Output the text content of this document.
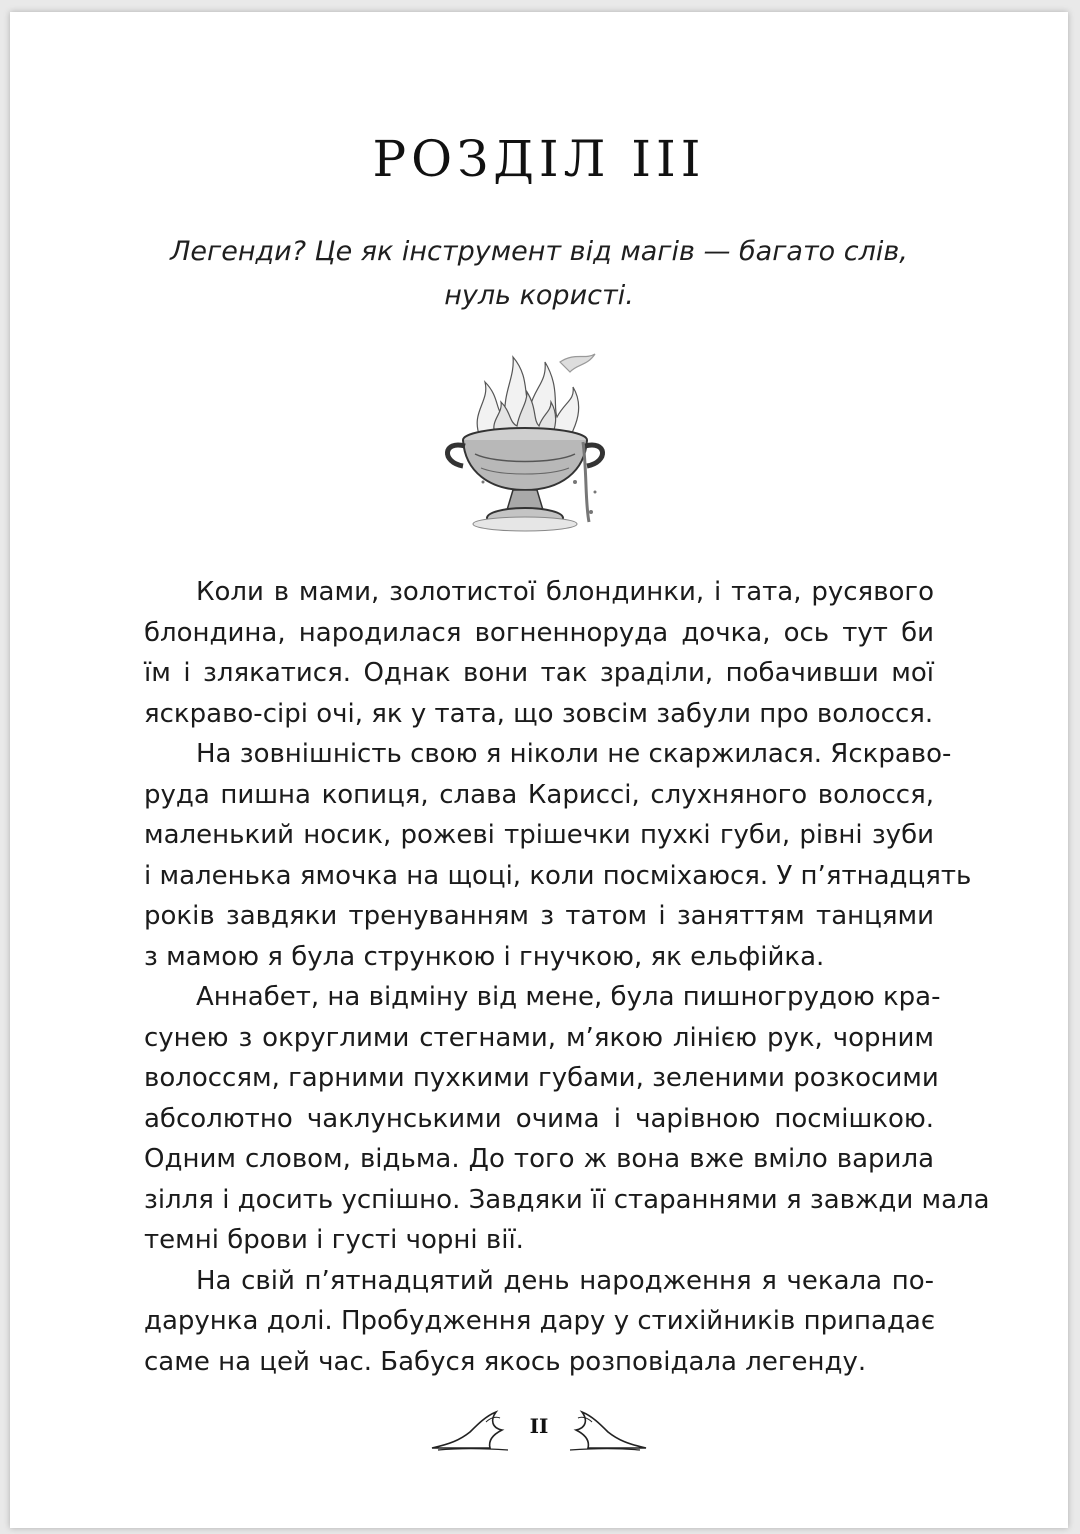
РОЗДІЛ III
Легенди? Це як інструмент від магів — багато слів,
нуль користі.
Коли в мами, золотистої блондинки, і тата, русявого
блондина, народилася вогненноруда дочка, ось тут би
їм і злякатися. Однак вони так зраділи, побачивши мої
яскраво-сірі очі, як у тата, що зовсім забули про волосся.
На зовнішність свою я ніколи не скаржилася. Яскраво-
руда пишна копиця, слава Кариссі, слухняного волосся,
маленький носик, рожеві трішечки пухкі губи, рівні зуби
і маленька ямочка на щоці, коли посміхаюся. У п’ятнадцять
років завдяки тренуванням з татом і заняттям танцями
з мамою я була стрункою і гнучкою, як ельфійка.
Аннабет, на відміну від мене, була пишногрудою кра-
сунею з округлими стегнами, м’якою лінією рук, чорним
волоссям, гарними пухкими губами, зеленими розкосими
абсолютно чаклунськими очима і чарівною посмішкою.
Одним словом, відьма. До того ж вона вже вміло варила
зілля і досить успішно. Завдяки її стараннями я завжди мала
темні брови і густі чорні вії.
На свій п’ятнадцятий день народження я чекала по-
дарунка долі. Пробудження дару у стихійників припадає
саме на цей час. Бабуся якось розповідала легенду.
II
